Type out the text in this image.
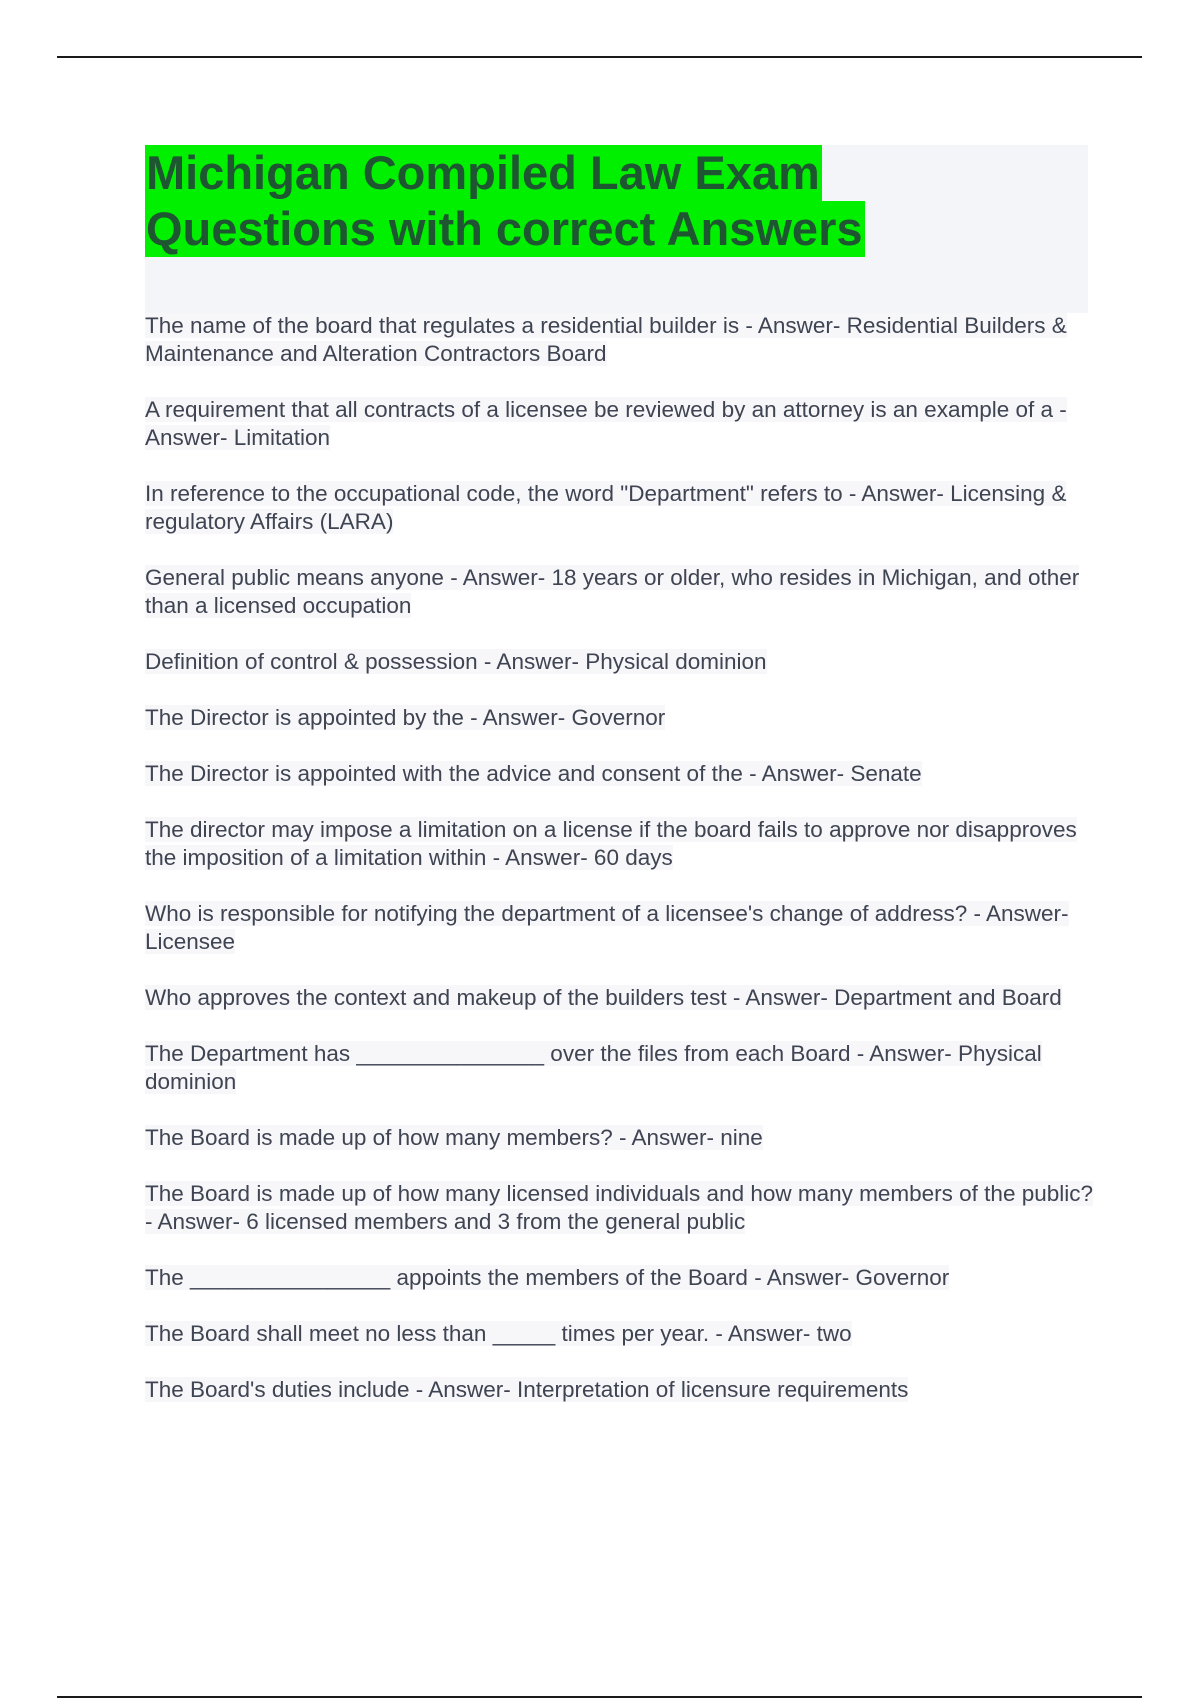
Michigan Compiled Law Exam
Questions with correct Answers

The name of the board that regulates a residential builder is - Answer- Residential Builders & Maintenance and Alteration Contractors Board

A requirement that all contracts of a licensee be reviewed by an attorney is an example of a - Answer- Limitation

In reference to the occupational code, the word "Department" refers to - Answer- Licensing & regulatory Affairs (LARA)

General public means anyone - Answer- 18 years or older, who resides in Michigan, and other than a licensed occupation

Definition of control & possession - Answer- Physical dominion

The Director is appointed by the - Answer- Governor

The Director is appointed with the advice and consent of the - Answer- Senate

The director may impose a limitation on a license if the board fails to approve nor disapproves the imposition of a limitation within - Answer- 60 days

Who is responsible for notifying the department of a licensee's change of address? - Answer- Licensee

Who approves the context and makeup of the builders test - Answer- Department and Board

The Department has _______________ over the files from each Board - Answer- Physical dominion

The Board is made up of how many members? - Answer- nine

The Board is made up of how many licensed individuals and how many members of the public? - Answer- 6 licensed members and 3 from the general public

The ________________ appoints the members of the Board - Answer- Governor

The Board shall meet no less than _____ times per year. - Answer- two

The Board's duties include - Answer- Interpretation of licensure requirements
